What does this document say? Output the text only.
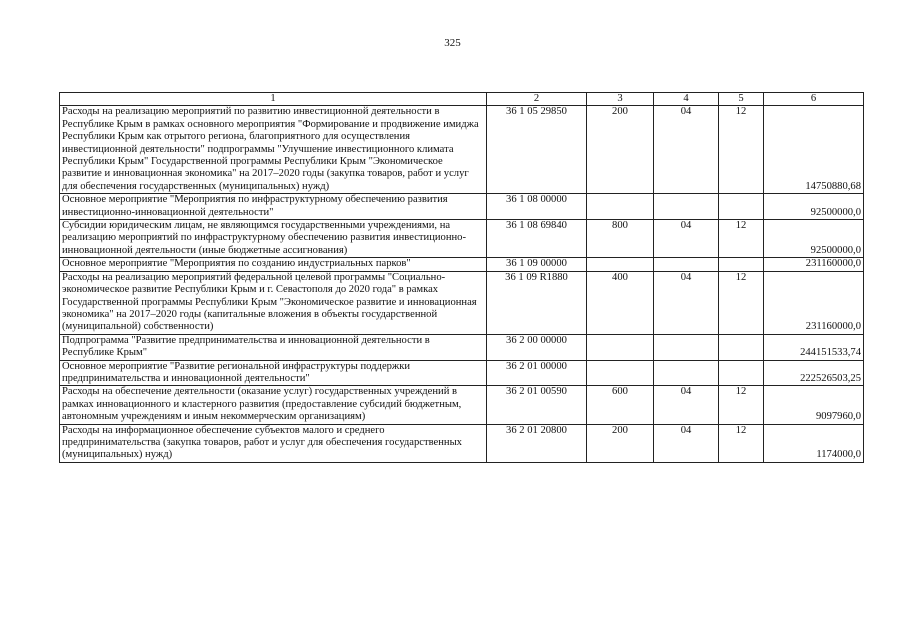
325
1	2	3	4	5	6
Расходы на реализацию мероприятий по развитию инвестиционной деятельности в Республике Крым в рамках основного мероприятия "Формирование и продвижение имиджа Республики Крым как отрытого региона, благоприятного для осуществления инвестиционной деятельности" подпрограммы "Улучшение инвестиционного климата Республики Крым" Государственной программы Республики Крым "Экономическое развитие и инновационная экономика" на 2017–2020 годы (закупка товаров, работ и услуг для обеспечения государственных (муниципальных) нужд)	36 1 05 29850	200	04	12	14750880,68
Основное мероприятие "Мероприятия по инфраструктурному обеспечению развития инвестиционно-инновационной деятельности"	36 1 08 00000				92500000,0
Субсидии юридическим лицам, не являющимся государственными учреждениями, на реализацию мероприятий по инфраструктурному обеспечению развития инвестиционно-инновационной деятельности (иные бюджетные ассигнования)	36 1 08 69840	800	04	12	92500000,0
Основное мероприятие "Мероприятия по созданию индустриальных парков"	36 1 09 00000				231160000,0
Расходы на реализацию мероприятий федеральной целевой программы "Социально-экономическое развитие Республики Крым и г. Севастополя до 2020 года" в рамках Государственной программы Республики Крым "Экономическое развитие и инновационная экономика" на 2017–2020 годы (капитальные вложения в объекты государственной (муниципальной) собственности)	36 1 09 R1880	400	04	12	231160000,0
Подпрограмма "Развитие предпринимательства и инновационной деятельности в Республике Крым"	36 2 00 00000				244151533,74
Основное мероприятие "Развитие региональной инфраструктуры поддержки предпринимательства и инновационной деятельности"	36 2 01 00000				222526503,25
Расходы на обеспечение деятельности (оказание услуг) государственных учреждений в рамках инновационного и кластерного развития (предоставление субсидий бюджетным, автономным учреждениям и иным некоммерческим организациям)	36 2 01 00590	600	04	12	9097960,0
Расходы на информационное обеспечение субъектов малого и среднего предпринимательства (закупка товаров, работ и услуг для обеспечения государственных (муниципальных) нужд)	36 2 01 20800	200	04	12	1174000,0
